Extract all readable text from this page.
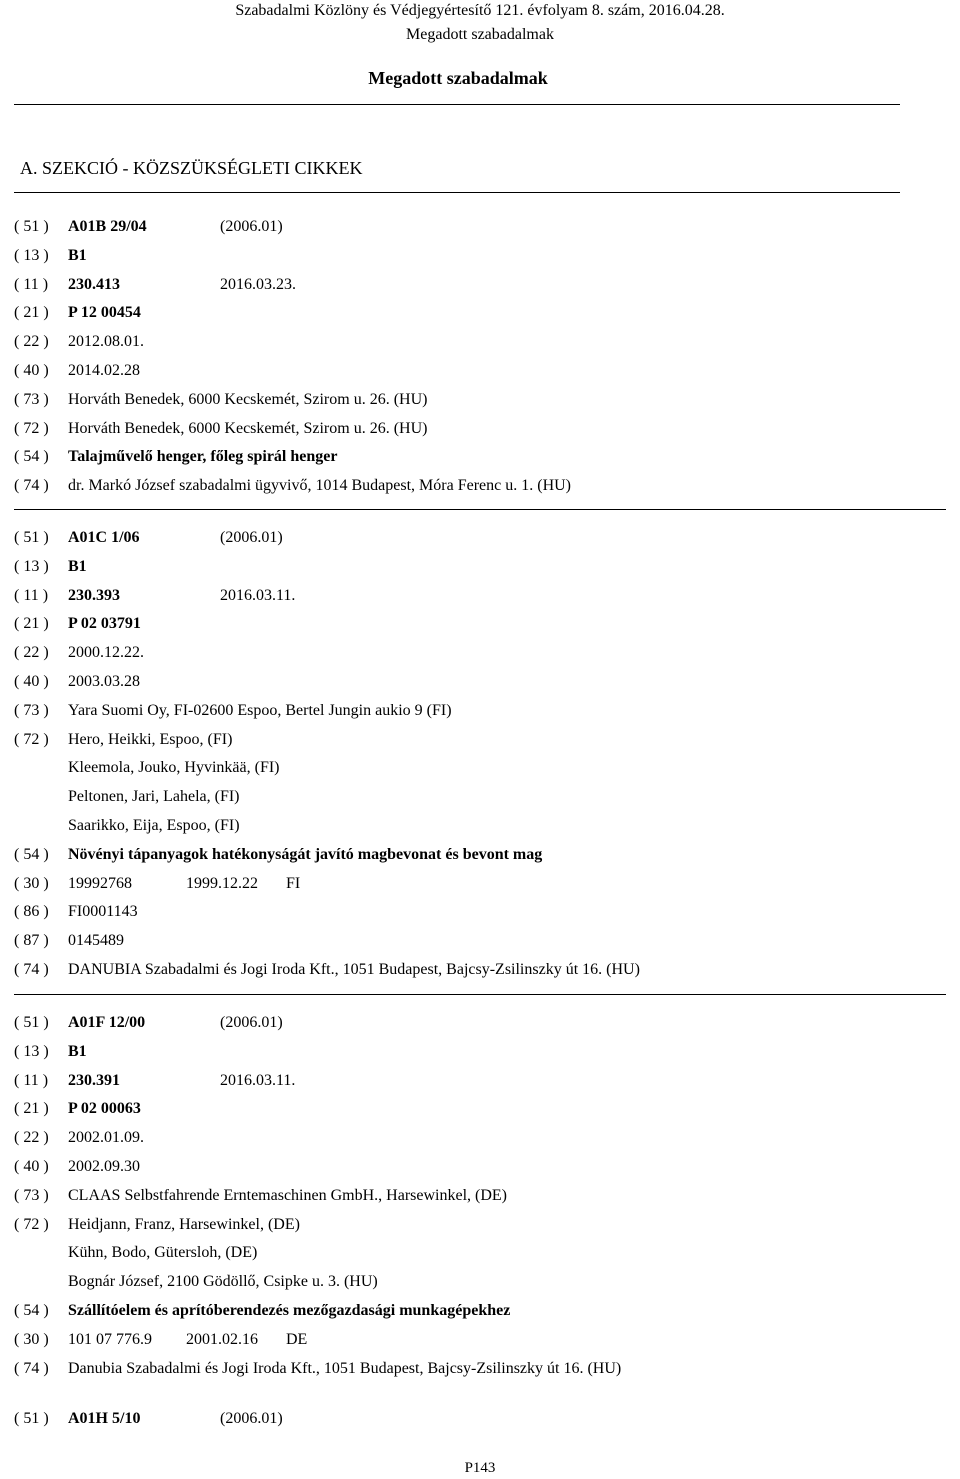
Szabadalmi Közlöny és Védjegyértesítő 121. évfolyam 8. szám, 2016.04.28.
Megadott szabadalmak
Megadott szabadalmak
A. SZEKCIÓ - KÖZSZÜKSÉGLETI CIKKEK
( 51 )	A01B 29/04	(2006.01)
( 13 )	B1
( 11 )	230.413	2016.03.23.
( 21 )	P 12 00454
( 22 )	2012.08.01.
( 40 )	2014.02.28
( 73 )	Horváth Benedek, 6000 Kecskemét, Szirom u. 26. (HU)
( 72 )	Horváth Benedek, 6000 Kecskemét, Szirom u. 26. (HU)
( 54 )	Talajművelő henger, főleg spirál henger
( 74 )	dr. Markó József szabadalmi ügyvivő, 1014 Budapest, Móra Ferenc u. 1. (HU)
( 51 )	A01C 1/06	(2006.01)
( 13 )	B1
( 11 )	230.393	2016.03.11.
( 21 )	P 02 03791
( 22 )	2000.12.22.
( 40 )	2003.03.28
( 73 )	Yara Suomi Oy, FI-02600 Espoo, Bertel Jungin aukio 9 (FI)
( 72 )	Hero, Heikki, Espoo, (FI)
Kleemola, Jouko, Hyvinkää, (FI)
Peltonen, Jari, Lahela, (FI)
Saarikko, Eija, Espoo, (FI)
( 54 )	Növényi tápanyagok hatékonyságát javító magbevonat és bevont mag
( 30 )	19992768	1999.12.22 FI
( 86 )	FI0001143
( 87 )	0145489
( 74 )	DANUBIA Szabadalmi és Jogi Iroda Kft., 1051 Budapest, Bajcsy-Zsilinszky út 16. (HU)
( 51 )	A01F 12/00	(2006.01)
( 13 )	B1
( 11 )	230.391	2016.03.11.
( 21 )	P 02 00063
( 22 )	2002.01.09.
( 40 )	2002.09.30
( 73 )	CLAAS Selbstfahrende Erntemaschinen GmbH., Harsewinkel, (DE)
( 72 )	Heidjann, Franz, Harsewinkel, (DE)
Kühn, Bodo, Gütersloh, (DE)
Bognár József, 2100 Gödöllő, Csipke u. 3. (HU)
( 54 )	Szállítóelem és aprítóberendezés mezőgazdasági munkagépekhez
( 30 )	101 07 776.9 2001.02.16 DE
( 74 )	Danubia Szabadalmi és Jogi Iroda Kft., 1051 Budapest, Bajcsy-Zsilinszky út 16. (HU)
( 51 )	A01H 5/10	(2006.01)
P143
